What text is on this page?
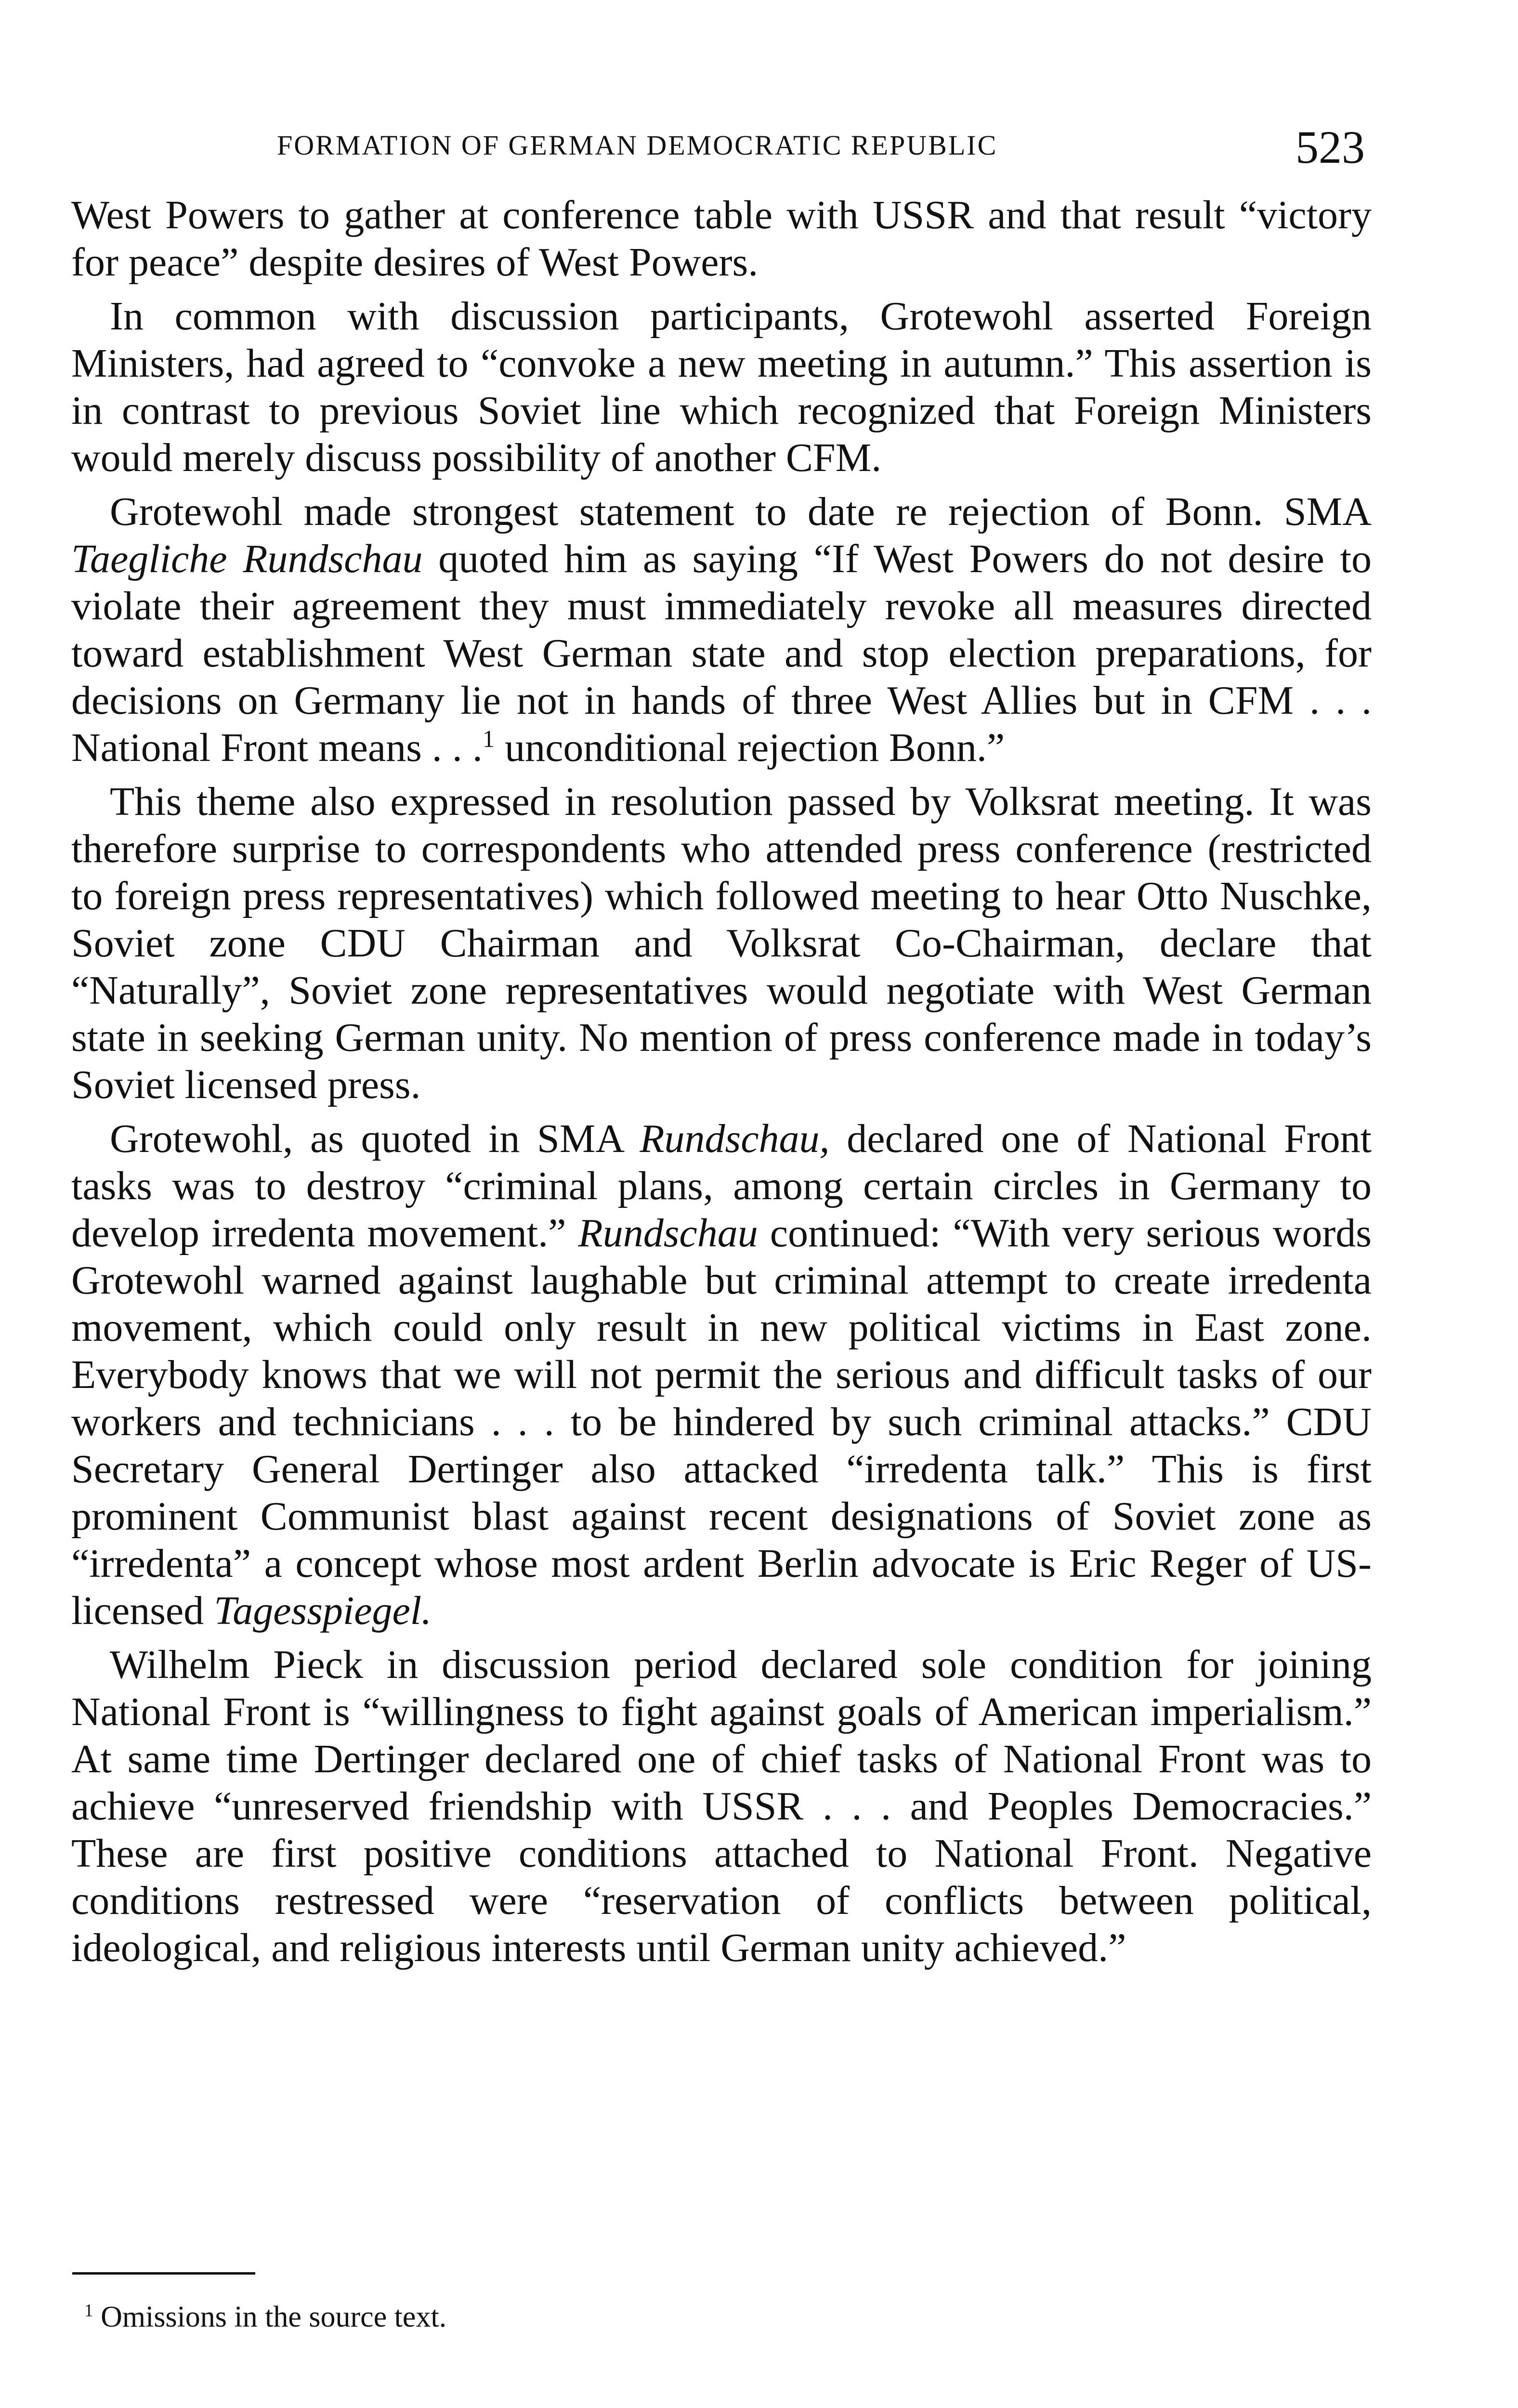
FORMATION OF GERMAN DEMOCRATIC REPUBLIC	523

West Powers to gather at conference table with USSR and that result “victory for peace” despite desires of West Powers.

In common with discussion participants, Grotewohl asserted Foreign Ministers, had agreed to “convoke a new meeting in autumn.” This assertion is in contrast to previous Soviet line which recognized that Foreign Ministers would merely discuss possibility of another CFM.

Grotewohl made strongest statement to date re rejection of Bonn. SMA Taegliche Rundschau quoted him as saying “If West Powers do not desire to violate their agreement they must immediately revoke all measures directed toward establishment West German state and stop election preparations, for decisions on Germany lie not in hands of three West Allies but in CFM . . . National Front means . . .$^1$ unconditional rejection Bonn.”

This theme also expressed in resolution passed by Volksrat meeting. It was therefore surprise to correspondents who attended press conference (restricted to foreign press representatives) which followed meeting to hear Otto Nuschke, Soviet zone CDU Chairman and Volksrat Co-Chairman, declare that “Naturally”, Soviet zone representatives would negotiate with West German state in seeking German unity. No mention of press conference made in today’s Soviet licensed press.

Grotewohl, as quoted in SMA Rundschau, declared one of National Front tasks was to destroy “criminal plans, among certain circles in Germany to develop irredenta movement.” Rundschau continued: “With very serious words Grotewohl warned against laughable but criminal attempt to create irredenta movement, which could only result in new political victims in East zone. Everybody knows that we will not permit the serious and difficult tasks of our workers and technicians . . . to be hindered by such criminal attacks.” CDU Secretary General Dertinger also attacked “irredenta talk.” This is first prominent Communist blast against recent designations of Soviet zone as “irredenta” a concept whose most ardent Berlin advocate is Eric Reger of US-licensed Tagesspiegel.

Wilhelm Pieck in discussion period declared sole condition for joining National Front is “willingness to fight against goals of American imperialism.” At same time Dertinger declared one of chief tasks of National Front was to achieve “unreserved friendship with USSR . . . and Peoples Democracies.” These are first positive conditions attached to National Front. Negative conditions restressed were “reservation of conflicts between political, ideological, and religious interests until German unity achieved.”

$^1$ Omissions in the source text.
